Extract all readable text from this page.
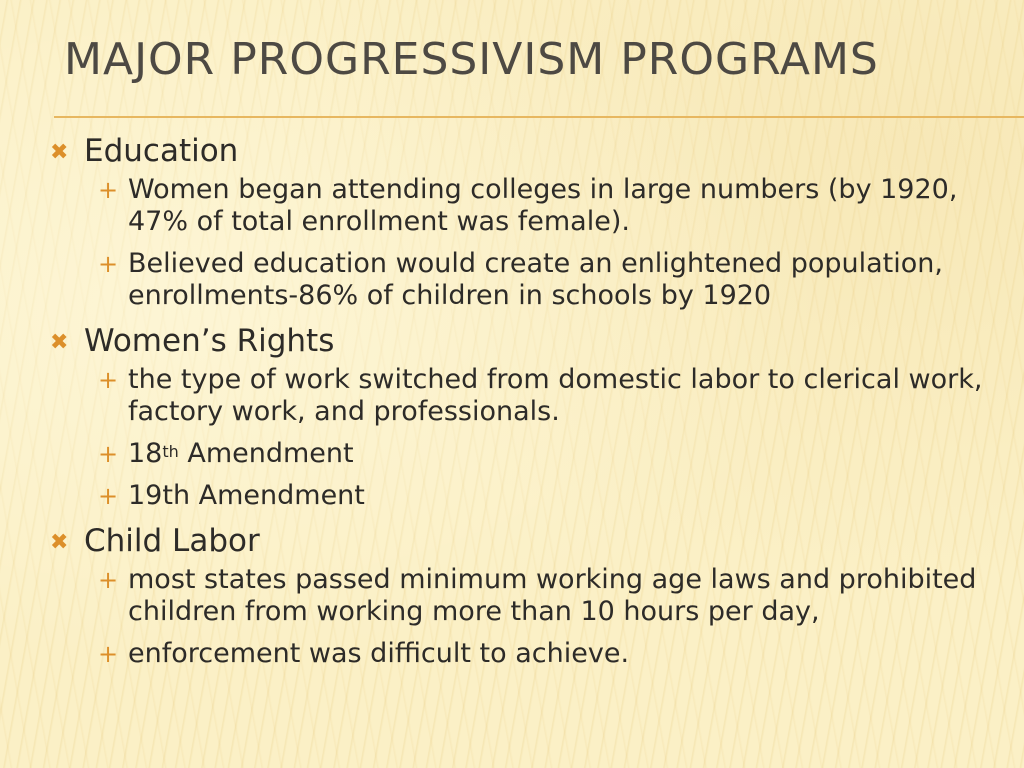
MAJOR PROGRESSIVISM PROGRAMS
✖ Education
+ Women began attending colleges in large numbers (by 1920, 47% of total enrollment was female).
+ Believed education would create an enlightened population, enrollments-86% of children in schools by 1920
✖ Women’s Rights
+ the type of work switched from domestic labor to clerical work, factory work, and professionals.
+ 18th Amendment
+ 19th Amendment
✖ Child Labor
+ most states passed minimum working age laws and prohibited children from working more than 10 hours per day,
+ enforcement was difficult to achieve.
